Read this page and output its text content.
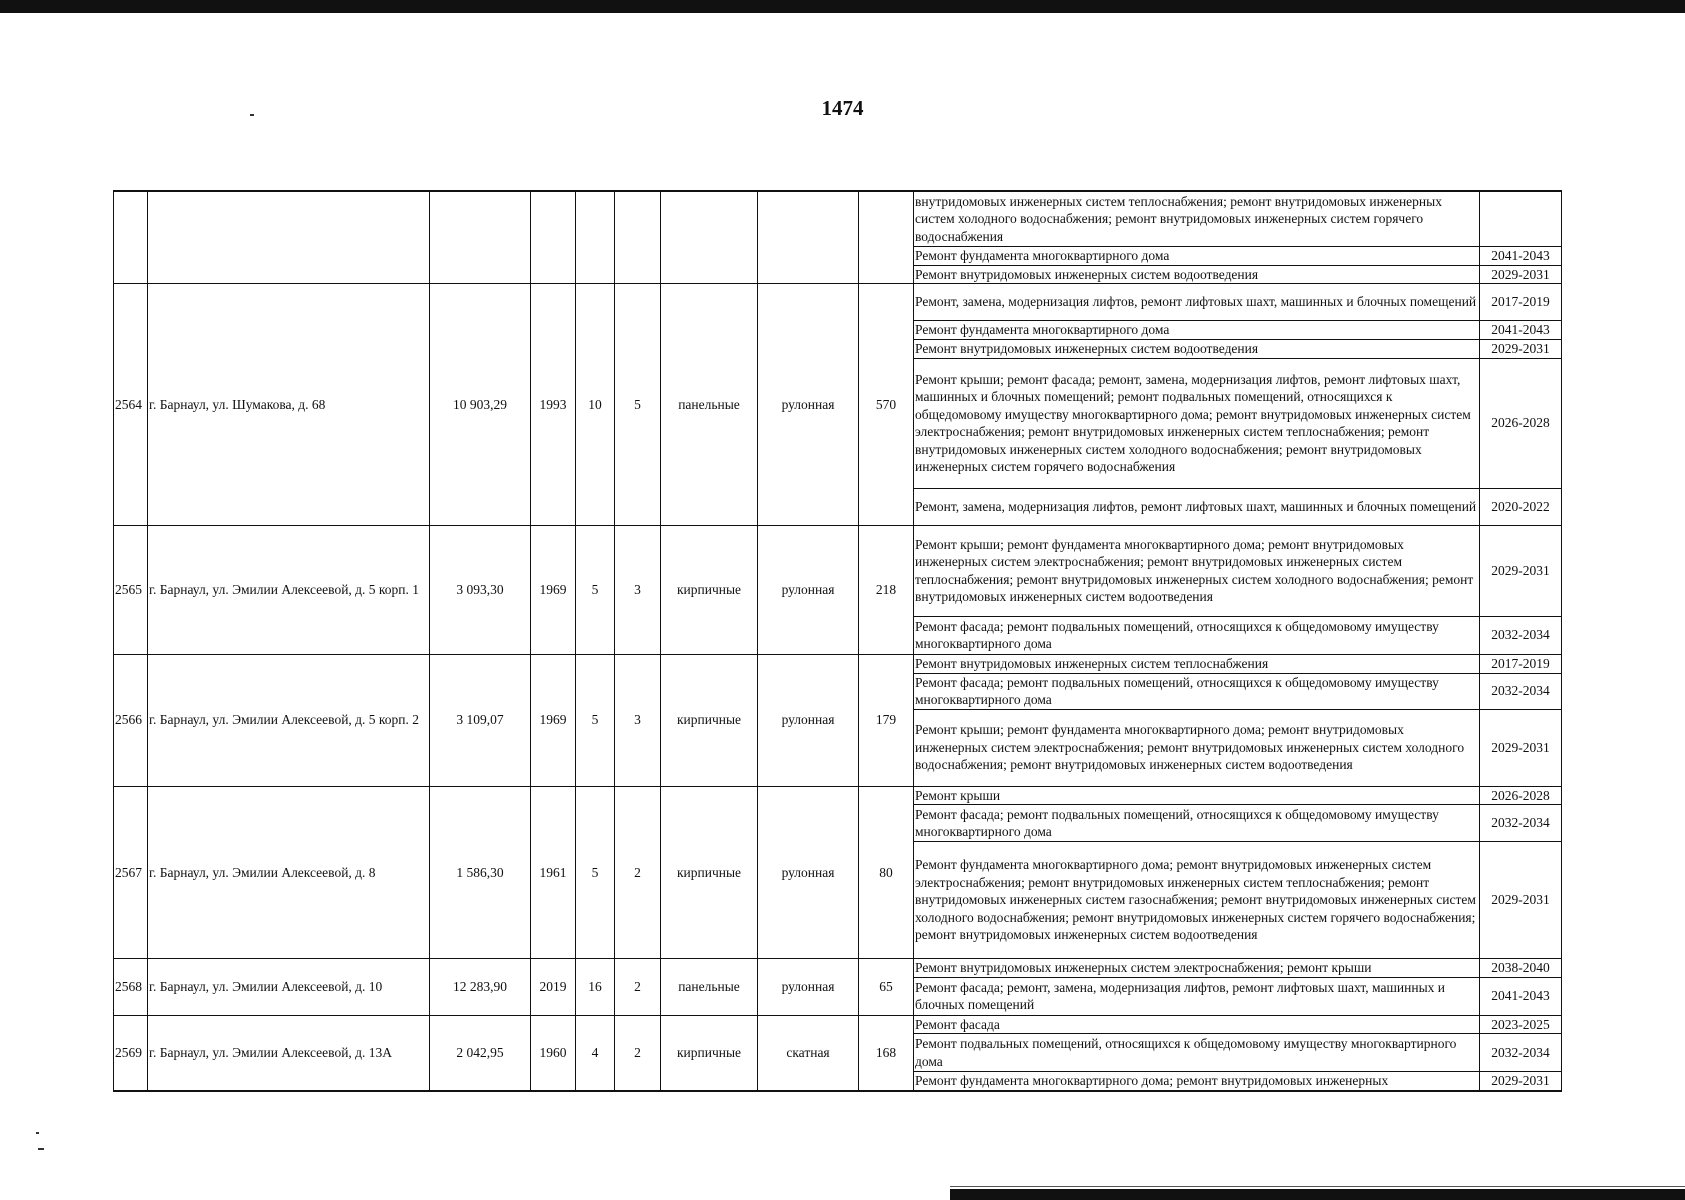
1474
									внутридомовых инженерных систем теплоснабжения; ремонт внутридомовых инженерных систем холодного водоснабжения; ремонт внутридомовых инженерных систем горячего водоснабжения	
									Ремонт фундамента многоквартирного дома	2041-2043
									Ремонт внутридомовых инженерных систем водоотведения	2029-2031
2564	г. Барнаул, ул. Шумакова, д. 68	10 903,29	1993	10	5	панельные	рулонная	570	Ремонт, замена, модернизация лифтов, ремонт лифтовых шахт, машинных и блочных помещений	2017-2019
									Ремонт фундамента многоквартирного дома	2041-2043
									Ремонт внутридомовых инженерных систем водоотведения	2029-2031
									Ремонт крыши; ремонт фасада; ремонт, замена, модернизация лифтов, ремонт лифтовых шахт, машинных и блочных помещений; ремонт подвальных помещений, относящихся к общедомовому имуществу многоквартирного дома; ремонт внутридомовых инженерных систем электроснабжения; ремонт внутридомовых инженерных систем теплоснабжения; ремонт внутридомовых инженерных систем холодного водоснабжения; ремонт внутридомовых инженерных систем горячего водоснабжения	2026-2028
									Ремонт, замена, модернизация лифтов, ремонт лифтовых шахт, машинных и блочных помещений	2020-2022
2565	г. Барнаул, ул. Эмилии Алексеевой, д. 5 корп. 1	3 093,30	1969	5	3	кирпичные	рулонная	218	Ремонт крыши; ремонт фундамента многоквартирного дома; ремонт внутридомовых инженерных систем электроснабжения; ремонт внутридомовых инженерных систем теплоснабжения; ремонт внутридомовых инженерных систем холодного водоснабжения; ремонт внутридомовых инженерных систем водоотведения	2029-2031
									Ремонт фасада; ремонт подвальных помещений, относящихся к общедомовому имуществу многоквартирного дома	2032-2034
2566	г. Барнаул, ул. Эмилии Алексеевой, д. 5 корп. 2	3 109,07	1969	5	3	кирпичные	рулонная	179	Ремонт внутридомовых инженерных систем теплоснабжения	2017-2019
									Ремонт фасада; ремонт подвальных помещений, относящихся к общедомовому имуществу многоквартирного дома	2032-2034
									Ремонт крыши; ремонт фундамента многоквартирного дома; ремонт внутридомовых инженерных систем электроснабжения; ремонт внутридомовых инженерных систем холодного водоснабжения; ремонт внутридомовых инженерных систем водоотведения	2029-2031
2567	г. Барнаул, ул. Эмилии Алексеевой, д. 8	1 586,30	1961	5	2	кирпичные	рулонная	80	Ремонт крыши	2026-2028
									Ремонт фасада; ремонт подвальных помещений, относящихся к общедомовому имуществу многоквартирного дома	2032-2034
									Ремонт фундамента многоквартирного дома; ремонт внутридомовых инженерных систем электроснабжения; ремонт внутридомовых инженерных систем теплоснабжения; ремонт внутридомовых инженерных систем газоснабжения; ремонт внутридомовых инженерных систем холодного водоснабжения; ремонт внутридомовых инженерных систем горячего водоснабжения; ремонт внутридомовых инженерных систем водоотведения	2029-2031
2568	г. Барнаул, ул. Эмилии Алексеевой, д. 10	12 283,90	2019	16	2	панельные	рулонная	65	Ремонт внутридомовых инженерных систем электроснабжения; ремонт крыши	2038-2040
									Ремонт фасада; ремонт, замена, модернизация лифтов, ремонт лифтовых шахт, машинных и блочных помещений	2041-2043
2569	г. Барнаул, ул. Эмилии Алексеевой, д. 13А	2 042,95	1960	4	2	кирпичные	скатная	168	Ремонт фасада	2023-2025
									Ремонт подвальных помещений, относящихся к общедомовому имуществу многоквартирного дома	2032-2034
									Ремонт фундамента многоквартирного дома; ремонт внутридомовых инженерных	2029-2031
